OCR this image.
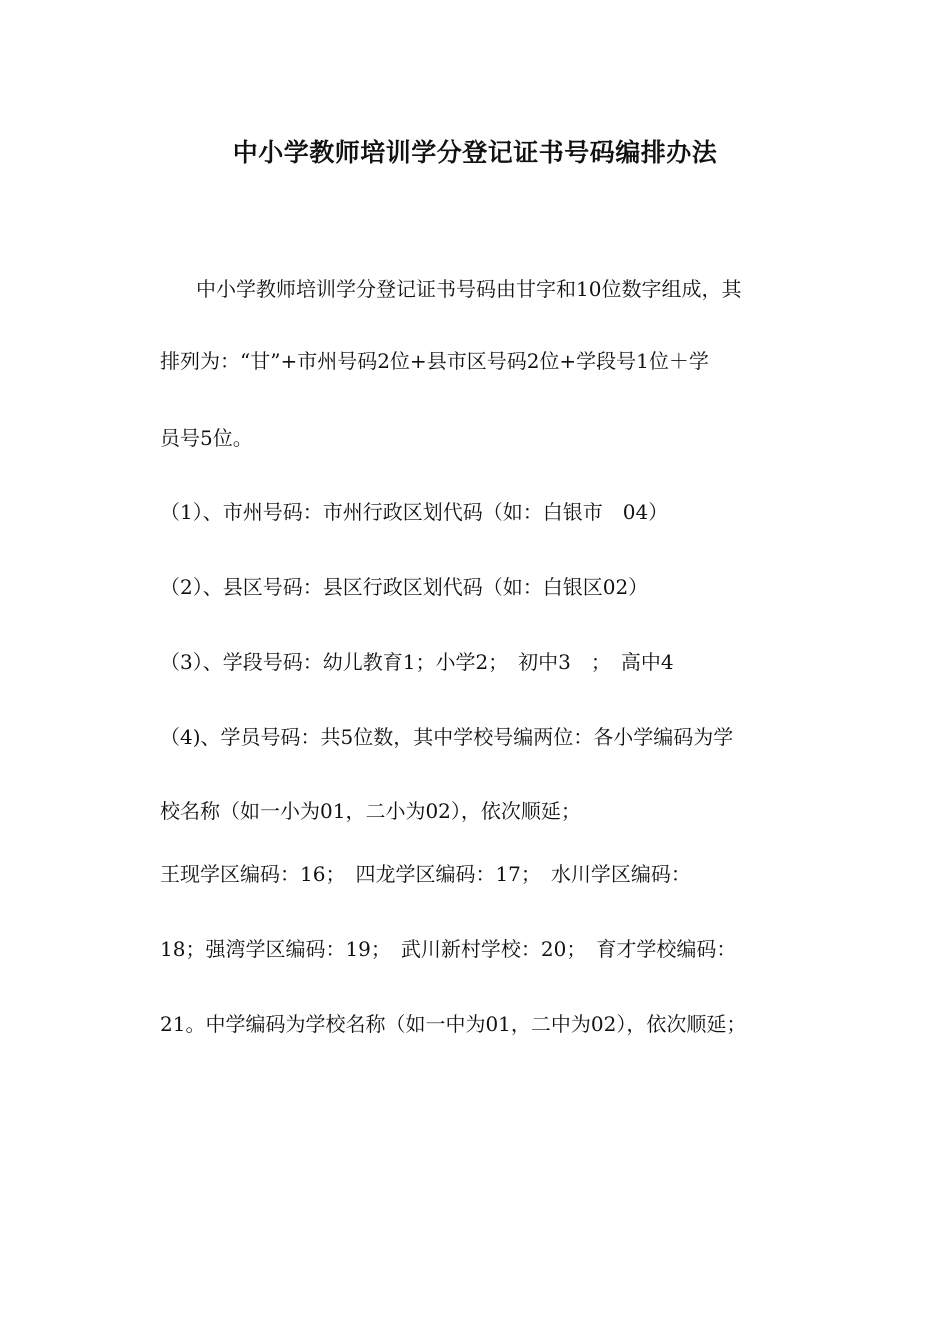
中小学教师培训学分登记证书号码编排办法
中小学教师培训学分登记证书号码由甘字和10位数字组成，其
排列为：“甘”+市州号码2位+县市区号码2位+学段号1位＋学
员号5位。
（1）、市州号码：市州行政区划代码（如：白银市　04）
（2）、县区号码：县区行政区划代码（如：白银区02）
（3）、学段号码：幼儿教育1；小学2；　初中3　；　高中4
（4)、学员号码：共5位数，其中学校号编两位：各小学编码为学
校名称（如一小为01，二小为02），依次顺延；
王现学区编码：16；　四龙学区编码：17；　水川学区编码：
18；强湾学区编码：19；　武川新村学校：20；　育才学校编码：
21。中学编码为学校名称（如一中为01，二中为02），依次顺延；
